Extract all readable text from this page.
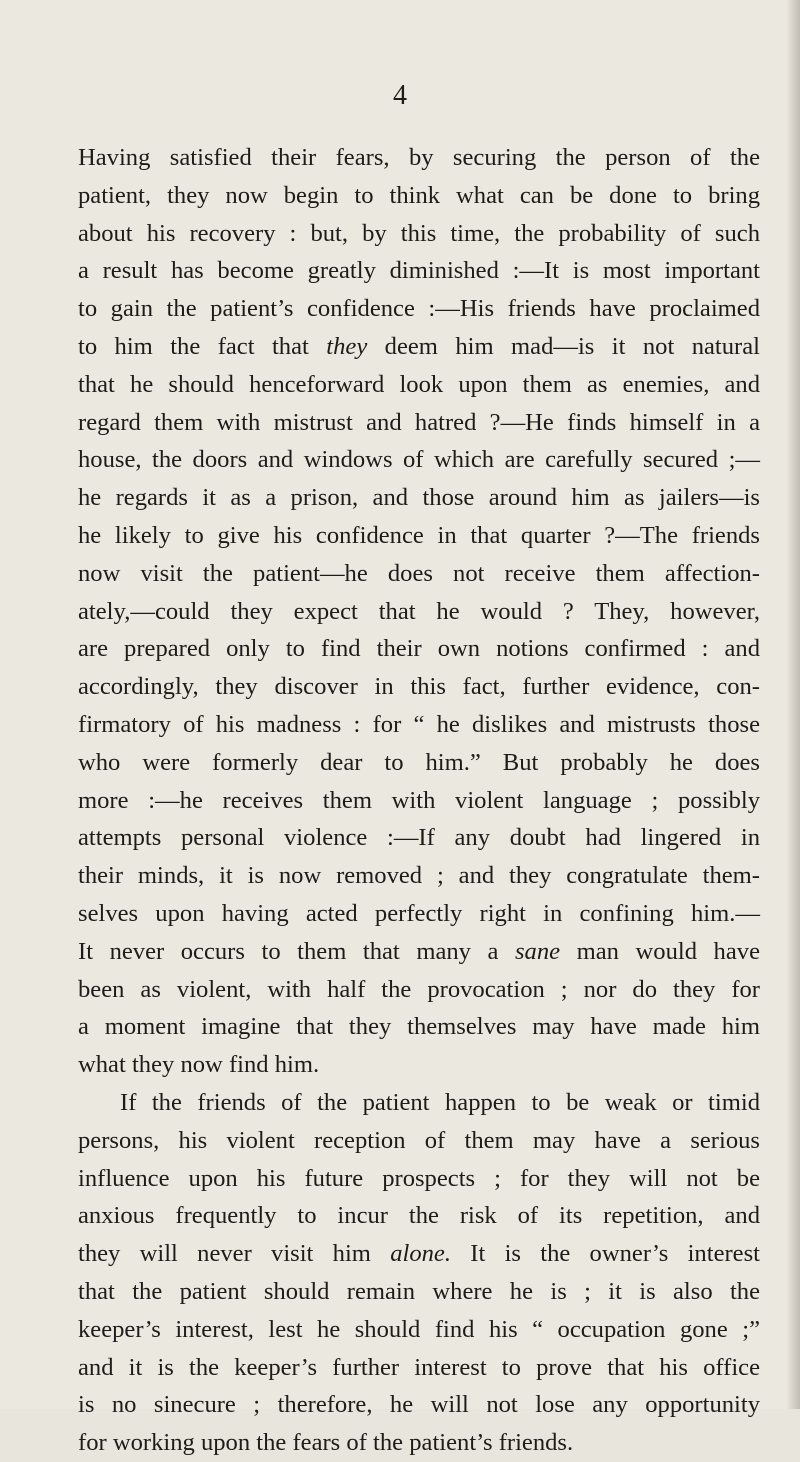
4
Having satisfied their fears, by securing the person of the
patient, they now begin to think what can be done to bring
about his recovery : but, by this time, the probability of such
a result has become greatly diminished :—It is most important
to gain the patient’s confidence :—His friends have proclaimed
to him the fact that they deem him mad—is it not natural
that he should henceforward look upon them as enemies, and
regard them with mistrust and hatred ?—He finds himself in a
house, the doors and windows of which are carefully secured ;—
he regards it as a prison, and those around him as jailers—is
he likely to give his confidence in that quarter ?—The friends
now visit the patient—he does not receive them affection-
ately,—could they expect that he would ? They, however,
are prepared only to find their own notions confirmed : and
accordingly, they discover in this fact, further evidence, con-
firmatory of his madness : for “ he dislikes and mistrusts those
who were formerly dear to him.” But probably he does
more :—he receives them with violent language ; possibly
attempts personal violence :—If any doubt had lingered in
their minds, it is now removed ; and they congratulate them-
selves upon having acted perfectly right in confining him.—
It never occurs to them that many a sane man would have
been as violent, with half the provocation ; nor do they for
a moment imagine that they themselves may have made him
what they now find him.
If the friends of the patient happen to be weak or timid
persons, his violent reception of them may have a serious
influence upon his future prospects ; for they will not be
anxious frequently to incur the risk of its repetition, and
they will never visit him alone. It is the owner’s interest
that the patient should remain where he is ; it is also the
keeper’s interest, lest he should find his “ occupation gone ;”
and it is the keeper’s further interest to prove that his office
is no sinecure ; therefore, he will not lose any opportunity
for working upon the fears of the patient’s friends.
